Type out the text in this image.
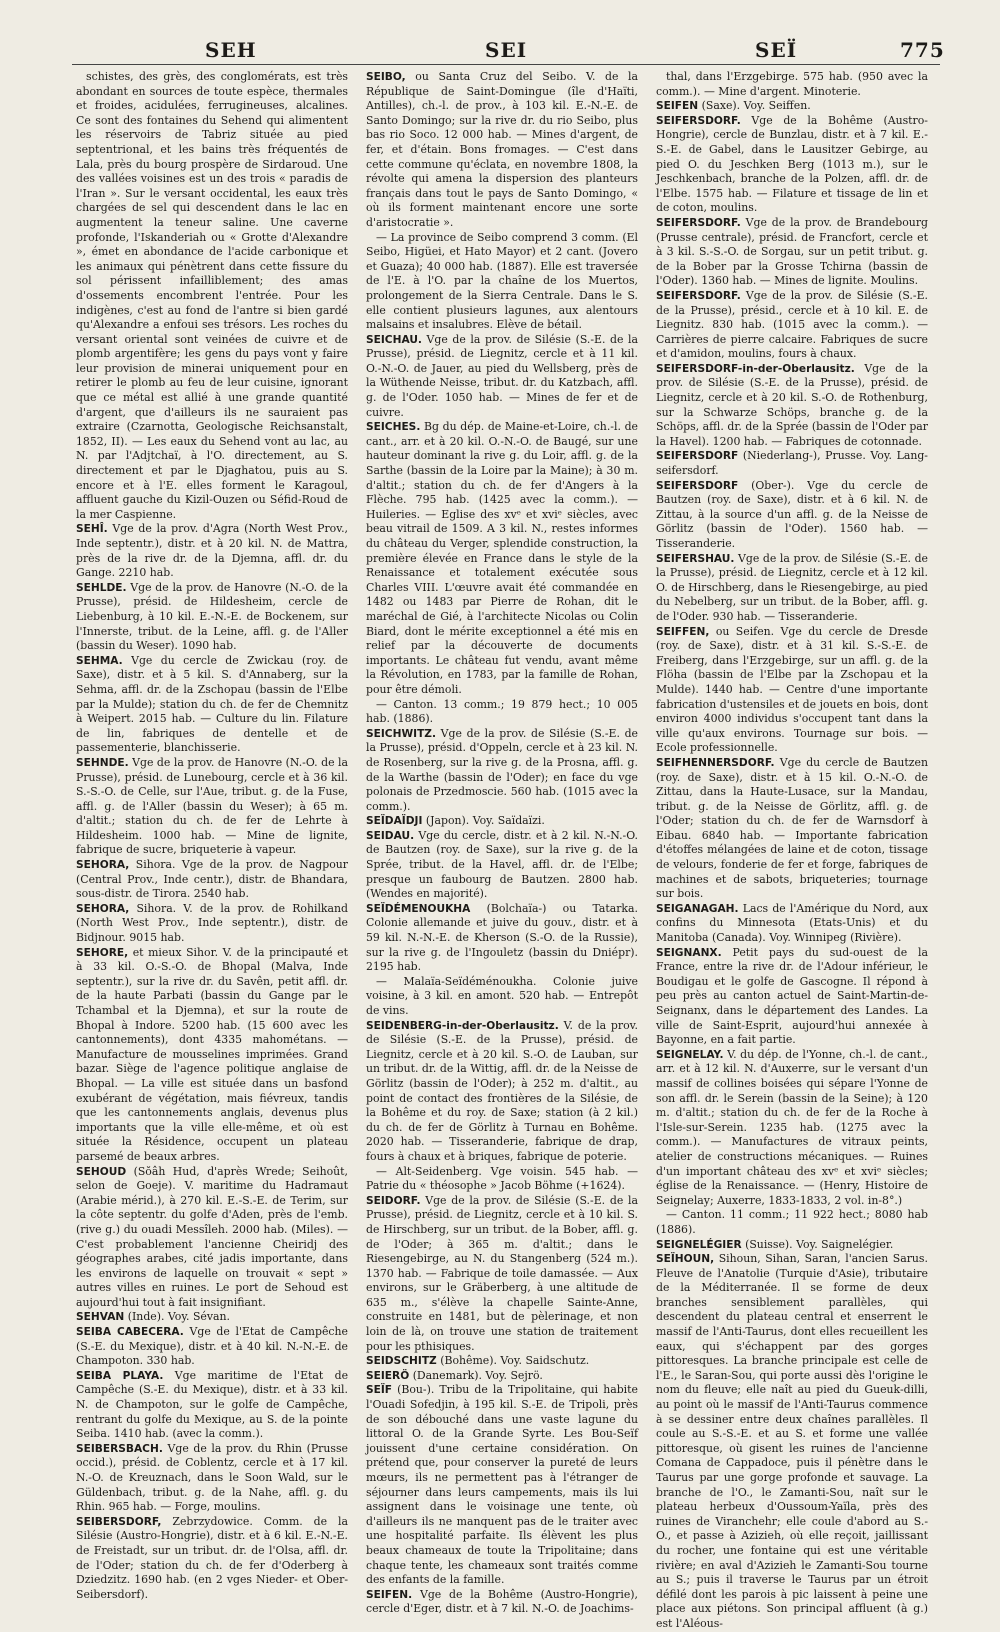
SEH	SEI	SEÏ	775

schistes, des grès, des conglomérats, est très abondant en sources de toute espèce, thermales et froides, acidulées, ferrugineuses, alcalines. Ce sont des fontaines du Sehend qui alimentent les réservoirs de Tabriz située au pied septentrional, et les bains très fréquentés de Lala, près du bourg prospère de Sirdaroud. Une des vallées voisines est un des trois « paradis de l'Iran ». Sur le versant occidental, les eaux très chargées de sel qui descendent dans le lac en augmentent la teneur saline. Une caverne profonde, l'Iskanderiah ou « Grotte d'Alexandre », émet en abondance de l'acide carbonique et les animaux qui pénètrent dans cette fissure du sol périssent infailliblement; des amas d'ossements encombrent l'entrée. Pour les indigènes, c'est au fond de l'antre si bien gardé qu'Alexandre a enfoui ses trésors. Les roches du versant oriental sont veinées de cuivre et de plomb argentifère; les gens du pays vont y faire leur provision de minerai uniquement pour en retirer le plomb au feu de leur cuisine, ignorant que ce métal est allié à une grande quantité d'argent, que d'ailleurs ils ne sauraient pas extraire (Czarnotta, Geologische Reichsanstalt, 1852, II). — Les eaux du Sehend vont au lac, au N. par l'Adjtchaï, à l'O. directement, au S. directement et par le Djaghatou, puis au S. encore et à l'E. elles forment le Karagoul, affluent gauche du Kizil-Ouzen ou Séfid-Roud de la mer Caspienne.

SEHÎ. Vge de la prov. d'Agra (North West Prov., Inde septentr.), distr. et à 20 kil. N. de Mattra, près de la rive dr. de la Djemna, affl. dr. du Gange. 2210 hab.

SEHLDE. Vge de la prov. de Hanovre (N.-O. de la Prusse), présid. de Hildesheim, cercle de Liebenburg, à 10 kil. E.-N.-E. de Bockenem, sur l'Innerste, tribut. de la Leine, affl. g. de l'Aller (bassin du Weser). 1090 hab.

SEHMA. Vge du cercle de Zwickau (roy. de Saxe), distr. et à 5 kil. S. d'Annaberg, sur la Sehma, affl. dr. de la Zschopau (bassin de l'Elbe par la Mulde); station du ch. de fer de Chemnitz à Weipert. 2015 hab. — Culture du lin. Filature de lin, fabriques de dentelle et de passementerie, blanchisserie.

SEHNDE. Vge de la prov. de Hanovre (N.-O. de la Prusse), présid. de Lunebourg, cercle et à 36 kil. S.-S.-O. de Celle, sur l'Aue, tribut. g. de la Fuse, affl. g. de l'Aller (bassin du Weser); à 65 m. d'altit.; station du ch. de fer de Lehrte à Hildesheim. 1000 hab. — Mine de lignite, fabrique de sucre, briqueterie à vapeur.

SEHORA, Sihora. Vge de la prov. de Nagpour (Central Prov., Inde centr.), distr. de Bhandara, sous-distr. de Tirora. 2540 hab.

SEHORA, Sihora. V. de la prov. de Rohilkand (North West Prov., Inde septentr.), distr. de Bidjnour. 9015 hab.

SEHORE, et mieux Sihor. V. de la principauté et à 33 kil. O.-S.-O. de Bhopal (Malva, Inde septentr.), sur la rive dr. du Savên, petit affl. dr. de la haute Parbati (bassin du Gange par le Tchambal et la Djemna), et sur la route de Bhopal à Indore. 5200 hab. (15 600 avec les cantonnements), dont 4335 mahométans. — Manufacture de mousselines imprimées. Grand bazar. Siège de l'agence politique anglaise de Bhopal. — La ville est située dans un basfond exubérant de végétation, mais fiévreux, tandis que les cantonnements anglais, devenus plus importants que la ville elle-même, et où est située la Résidence, occupent un plateau parsemé de beaux arbres.

SEHOUD (Sŏâh Hud, d'après Wrede; Seihoût, selon de Goeje). V. maritime du Hadramaut (Arabie mérid.), à 270 kil. E.-S.-E. de Terim, sur la côte septentr. du golfe d'Aden, près de l'emb. (rive g.) du ouadi Messîleh. 2000 hab. (Miles). — C'est probablement l'ancienne Cheiridj des géographes arabes, cité jadis importante, dans les environs de laquelle on trouvait « sept » autres villes en ruines. Le port de Sehoud est aujourd'hui tout à fait insignifiant.

SEHVAN (Inde). Voy. Sévan.

SEIBA CABECERA. Vge de l'Etat de Campêche (S.-E. du Mexique), distr. et à 40 kil. N.-N.-E. de Champoton. 330 hab.

SEIBA PLAYA. Vge maritime de l'Etat de Campêche (S.-E. du Mexique), distr. et à 33 kil. N. de Champoton, sur le golfe de Campêche, rentrant du golfe du Mexique, au S. de la pointe Seiba. 1410 hab. (avec la comm.).

SEIBERSBACH. Vge de la prov. du Rhin (Prusse occid.), présid. de Coblentz, cercle et à 17 kil. N.-O. de Kreuznach, dans le Soon Wald, sur le Güldenbach, tribut. g. de la Nahe, affl. g. du Rhin. 965 hab. — Forge, moulins.

SEIBERSDORF, Zebrzydowice. Comm. de la Silésie (Austro-Hongrie), distr. et à 6 kil. E.-N.-E. de Freistadt, sur un tribut. dr. de l'Olsa, affl. dr. de l'Oder; station du ch. de fer d'Oderberg à Dziedzitz. 1690 hab. (en 2 vges Nieder- et Ober-Seibersdorf).

SEIBO, ou Santa Cruz del Seibo. V. de la République de Saint-Domingue (île d'Haïti, Antilles), ch.-l. de prov., à 103 kil. E.-N.-E. de Santo Domingo; sur la rive dr. du rio Seibo, plus bas rio Soco. 12 000 hab. — Mines d'argent, de fer, et d'étain. Bons fromages. — C'est dans cette commune qu'éclata, en novembre 1808, la révolte qui amena la dispersion des planteurs français dans tout le pays de Santo Domingo, « où ils forment maintenant encore une sorte d'aristocratie ».

— La province de Seibo comprend 3 comm. (El Seibo, Higüei, et Hato Mayor) et 2 cant. (Jovero et Guaza); 40 000 hab. (1887). Elle est traversée de l'E. à l'O. par la chaîne de los Muertos, prolongement de la Sierra Centrale. Dans le S. elle contient plusieurs lagunes, aux alentours malsains et insalubres. Elève de bétail.

SEICHAU. Vge de la prov. de Silésie (S.-E. de la Prusse), présid. de Liegnitz, cercle et à 11 kil. O.-N.-O. de Jauer, au pied du Wellsberg, près de la Wüthende Neisse, tribut. dr. du Katzbach, affl. g. de l'Oder. 1050 hab. — Mines de fer et de cuivre.

SEICHES. Bg du dép. de Maine-et-Loire, ch.-l. de cant., arr. et à 20 kil. O.-N.-O. de Baugé, sur une hauteur dominant la rive g. du Loir, affl. g. de la Sarthe (bassin de la Loire par la Maine); à 30 m. d'altit.; station du ch. de fer d'Angers à la Flèche. 795 hab. (1425 avec la comm.). — Huileries. — Eglise des xvᵉ et xviᵉ siècles, avec beau vitrail de 1509. A 3 kil. N., restes informes du château du Verger, splendide construction, la première élevée en France dans le style de la Renaissance et totalement exécutée sous Charles VIII. L'œuvre avait été commandée en 1482 ou 1483 par Pierre de Rohan, dit le maréchal de Gié, à l'architecte Nicolas ou Colin Biard, dont le mérite exceptionnel a été mis en relief par la découverte de documents importants. Le château fut vendu, avant même la Révolution, en 1783, par la famille de Rohan, pour être démoli.

— Canton. 13 comm.; 19 879 hect.; 10 005 hab. (1886).

SEICHWITZ. Vge de la prov. de Silésie (S.-E. de la Prusse), présid. d'Oppeln, cercle et à 23 kil. N. de Rosenberg, sur la rive g. de la Prosna, affl. g. de la Warthe (bassin de l'Oder); en face du vge polonais de Przedmoscie. 560 hab. (1015 avec la comm.).

SEÏDAÏDJI (Japon). Voy. Saïdaïzi.

SEIDAU. Vge du cercle, distr. et à 2 kil. N.-N.-O. de Bautzen (roy. de Saxe), sur la rive g. de la Sprée, tribut. de la Havel, affl. dr. de l'Elbe; presque un faubourg de Bautzen. 2800 hab. (Wendes en majorité).

SEÏDÉMENOUKHA (Bolchaïa-) ou Tatarka. Colonie allemande et juive du gouv., distr. et à 59 kil. N.-N.-E. de Kherson (S.-O. de la Russie), sur la rive g. de l'Ingouletz (bassin du Dniépr). 2195 hab.

— Malaïa-Seïdéménoukha. Colonie juive voisine, à 3 kil. en amont. 520 hab. — Entrepôt de vins.

SEIDENBERG-in-der-Oberlausitz. V. de la prov. de Silésie (S.-E. de la Prusse), présid. de Liegnitz, cercle et à 20 kil. S.-O. de Lauban, sur un tribut. dr. de la Wittig, affl. dr. de la Neisse de Görlitz (bassin de l'Oder); à 252 m. d'altit., au point de contact des frontières de la Silésie, de la Bohême et du roy. de Saxe; station (à 2 kil.) du ch. de fer de Görlitz à Turnau en Bohême. 2020 hab. — Tisseranderie, fabrique de drap, fours à chaux et à briques, fabrique de poterie.

— Alt-Seidenberg. Vge voisin. 545 hab. — Patrie du « théosophe » Jacob Böhme (+1624).

SEIDORF. Vge de la prov. de Silésie (S.-E. de la Prusse), présid. de Liegnitz, cercle et à 10 kil. S. de Hirschberg, sur un tribut. de la Bober, affl. g. de l'Oder; à 365 m. d'altit.; dans le Riesengebirge, au N. du Stangenberg (524 m.). 1370 hab. — Fabrique de toile damassée. — Aux environs, sur le Gräberberg, à une altitude de 635 m., s'élève la chapelle Sainte-Anne, construite en 1481, but de pèlerinage, et non loin de là, on trouve une station de traitement pour les pthisiques.

SEIDSCHITZ (Bohême). Voy. Saidschutz.

SEIERÖ (Danemark). Voy. Sejrö.

SEÏF (Bou-). Tribu de la Tripolitaine, qui habite l'Ouadi Sofedjin, à 195 kil. S.-E. de Tripoli, près de son débouché dans une vaste lagune du littoral O. de la Grande Syrte. Les Bou-Seïf jouissent d'une certaine considération. On prétend que, pour conserver la pureté de leurs mœurs, ils ne permettent pas à l'étranger de séjourner dans leurs campements, mais ils lui assignent dans le voisinage une tente, où d'ailleurs ils ne manquent pas de le traiter avec une hospitalité parfaite. Ils élèvent les plus beaux chameaux de toute la Tripolitaine; dans chaque tente, les chameaux sont traités comme des enfants de la famille.

SEIFEN. Vge de la Bohême (Austro-Hongrie), cercle d'Eger, distr. et à 7 kil. N.-O. de Joachims-

thal, dans l'Erzgebirge. 575 hab. (950 avec la comm.). — Mine d'argent. Minoterie.

SEIFEN (Saxe). Voy. Seiffen.

SEIFERSDORF. Vge de la Bohême (Austro-Hongrie), cercle de Bunzlau, distr. et à 7 kil. E.-S.-E. de Gabel, dans le Lausitzer Gebirge, au pied O. du Jeschken Berg (1013 m.), sur le Jeschkenbach, branche de la Polzen, affl. dr. de l'Elbe. 1575 hab. — Filature et tissage de lin et de coton, moulins.

SEIFERSDORF. Vge de la prov. de Brandebourg (Prusse centrale), présid. de Francfort, cercle et à 3 kil. S.-S.-O. de Sorgau, sur un petit tribut. g. de la Bober par la Grosse Tchirna (bassin de l'Oder). 1360 hab. — Mines de lignite. Moulins.

SEIFERSDORF. Vge de la prov. de Silésie (S.-E. de la Prusse), présid., cercle et à 10 kil. E. de Liegnitz. 830 hab. (1015 avec la comm.). — Carrières de pierre calcaire. Fabriques de sucre et d'amidon, moulins, fours à chaux.

SEIFERSDORF-in-der-Oberlausitz. Vge de la prov. de Silésie (S.-E. de la Prusse), présid. de Liegnitz, cercle et à 20 kil. S.-O. de Rothenburg, sur la Schwarze Schöps, branche g. de la Schöps, affl. dr. de la Sprée (bassin de l'Oder par la Havel). 1200 hab. — Fabriques de cotonnade.

SEIFERSDORF (Niederlang-), Prusse. Voy. Lang-seifersdorf.

SEIFERSDORF (Ober-). Vge du cercle de Bautzen (roy. de Saxe), distr. et à 6 kil. N. de Zittau, à la source d'un affl. g. de la Neisse de Görlitz (bassin de l'Oder). 1560 hab. — Tisseranderie.

SEIFERSHAU. Vge de la prov. de Silésie (S.-E. de la Prusse), présid. de Liegnitz, cercle et à 12 kil. O. de Hirschberg, dans le Riesengebirge, au pied du Nebelberg, sur un tribut. de la Bober, affl. g. de l'Oder. 930 hab. — Tisseranderie.

SEIFFEN, ou Seifen. Vge du cercle de Dresde (roy. de Saxe), distr. et à 31 kil. S.-S.-E. de Freiberg, dans l'Erzgebirge, sur un affl. g. de la Flöha (bassin de l'Elbe par la Zschopau et la Mulde). 1440 hab. — Centre d'une importante fabrication d'ustensiles et de jouets en bois, dont environ 4000 individus s'occupent tant dans la ville qu'aux environs. Tournage sur bois. — Ecole professionnelle.

SEIFHENNERSDORF. Vge du cercle de Bautzen (roy. de Saxe), distr. et à 15 kil. O.-N.-O. de Zittau, dans la Haute-Lusace, sur la Mandau, tribut. g. de la Neisse de Görlitz, affl. g. de l'Oder; station du ch. de fer de Warnsdorf à Eibau. 6840 hab. — Importante fabrication d'étoffes mélangées de laine et de coton, tissage de velours, fonderie de fer et forge, fabriques de machines et de sabots, briqueteries; tournage sur bois.

SEIGANAGAH. Lacs de l'Amérique du Nord, aux confins du Minnesota (Etats-Unis) et du Manitoba (Canada). Voy. Winnipeg (Rivière).

SEIGNANX. Petit pays du sud-ouest de la France, entre la rive dr. de l'Adour inférieur, le Boudigau et le golfe de Gascogne. Il répond à peu près au canton actuel de Saint-Martin-de-Seignanx, dans le département des Landes. La ville de Saint-Esprit, aujourd'hui annexée à Bayonne, en a fait partie.

SEIGNELAY. V. du dép. de l'Yonne, ch.-l. de cant., arr. et à 12 kil. N. d'Auxerre, sur le versant d'un massif de collines boisées qui sépare l'Yonne de son affl. dr. le Serein (bassin de la Seine); à 120 m. d'altit.; station du ch. de fer de la Roche à l'Isle-sur-Serein. 1235 hab. (1275 avec la comm.). — Manufactures de vitraux peints, atelier de constructions mécaniques. — Ruines d'un important château des xvᵉ et xviᵉ siècles; église de la Renaissance. — (Henry, Histoire de Seignelay; Auxerre, 1833-1833, 2 vol. in-8°.)

— Canton. 11 comm.; 11 922 hect.; 8080 hab (1886).

SEIGNELÉGIER (Suisse). Voy. Saignelégier.

SEÏHOUN, Sihoun, Sihan, Saran, l'ancien Sarus. Fleuve de l'Anatolie (Turquie d'Asie), tributaire de la Méditerranée. Il se forme de deux branches sensiblement parallèles, qui descendent du plateau central et enserrent le massif de l'Anti-Taurus, dont elles recueillent les eaux, qui s'échappent par des gorges pittoresques. La branche principale est celle de l'E., le Saran-Sou, qui porte aussi dès l'origine le nom du fleuve; elle naît au pied du Gueuk-dilli, au point où le massif de l'Anti-Taurus commence à se dessiner entre deux chaînes parallèles. Il coule au S.-S.-E. et au S. et forme une vallée pittoresque, où gisent les ruines de l'ancienne Comana de Cappadoce, puis il pénètre dans le Taurus par une gorge profonde et sauvage. La branche de l'O., le Zamanti-Sou, naît sur le plateau herbeux d'Oussoum-Yaïla, près des ruines de Viranchehr; elle coule d'abord au S.-O., et passe à Azizieh, où elle reçoit, jaillissant du rocher, une fontaine qui est une véritable rivière; en aval d'Azizieh le Zamanti-Sou tourne au S.; puis il traverse le Taurus par un étroit défilé dont les parois à pic laissent à peine une place aux piétons. Son principal affluent (à g.) est l'Aléous-
